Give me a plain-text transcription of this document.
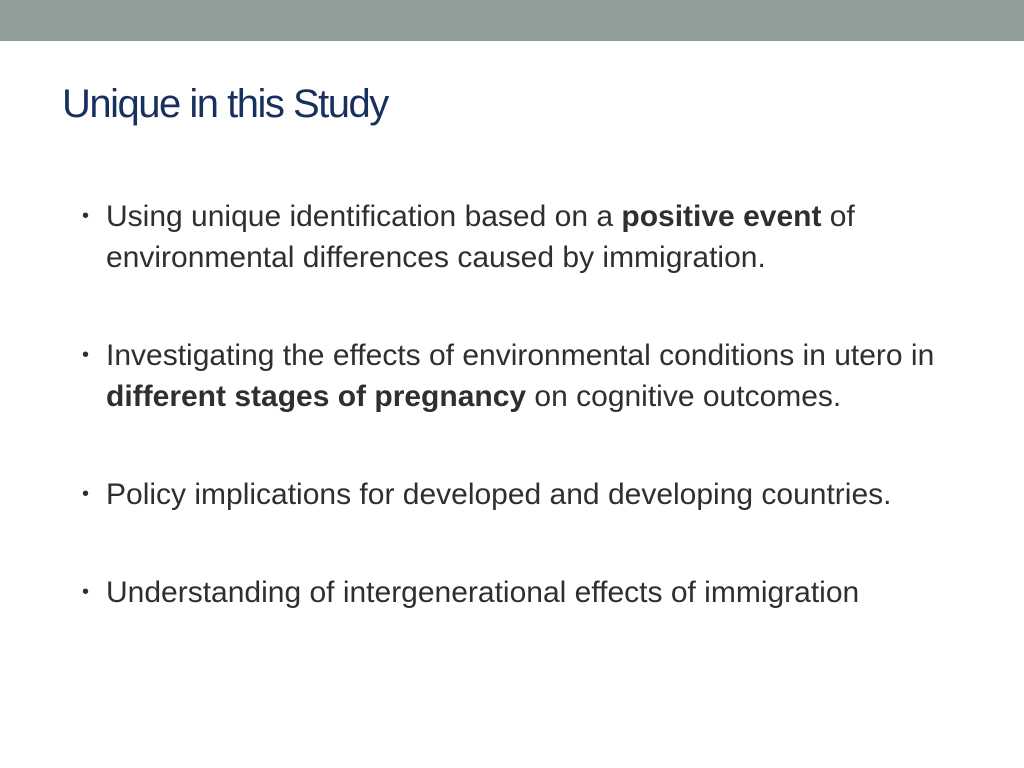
Unique in this Study
• Using unique identification based on a positive event of environmental differences caused by immigration.
• Investigating the effects of environmental conditions in utero in different stages of pregnancy on cognitive outcomes.
• Policy implications for developed and developing countries.
• Understanding of intergenerational effects of immigration
